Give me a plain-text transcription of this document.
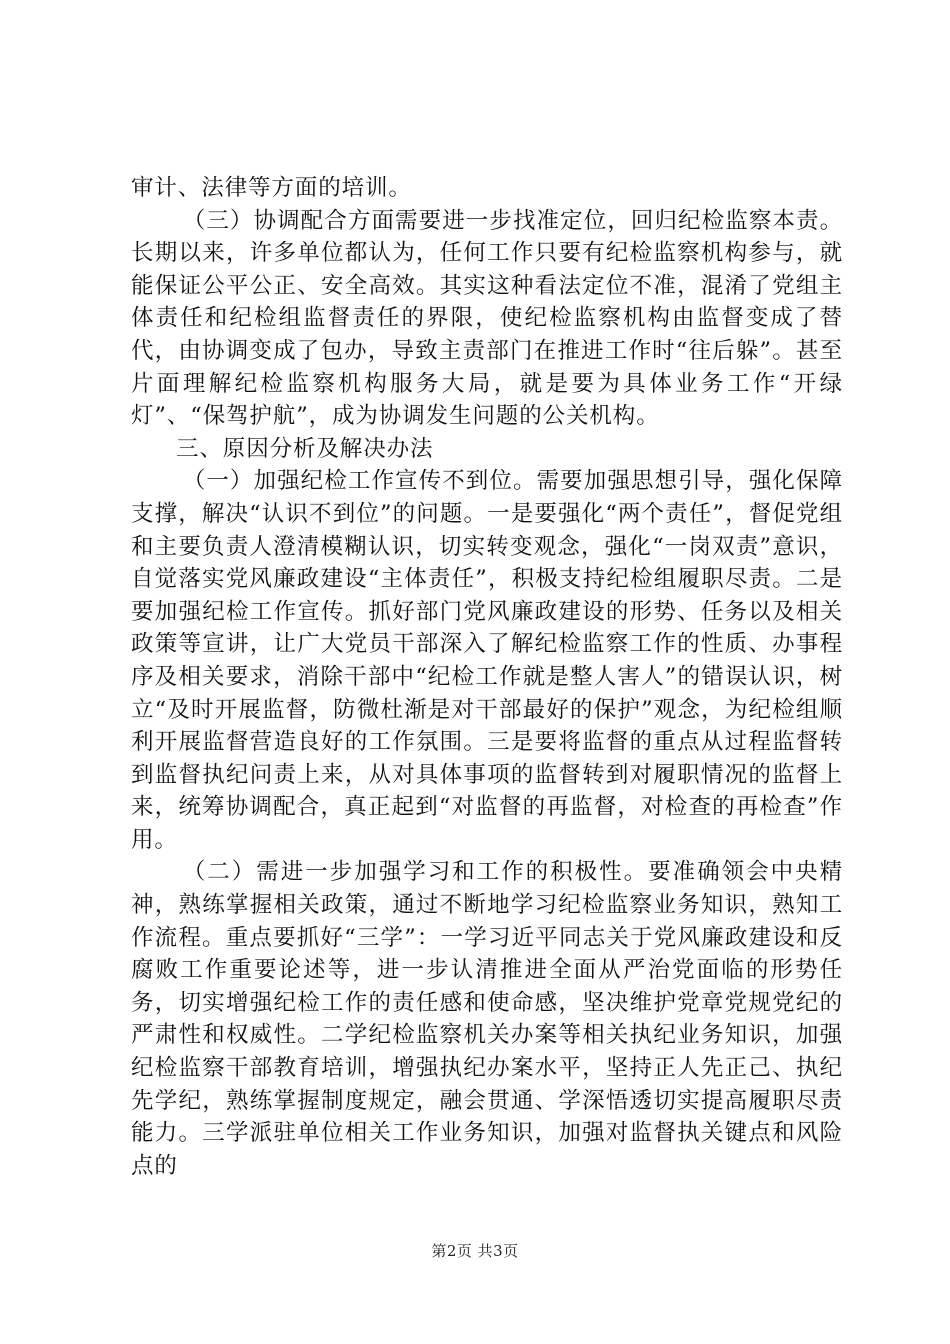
审计、法律等方面的培训。

（三）协调配合方面需要进一步找准定位，回归纪检监察本责。长期以来，许多单位都认为，任何工作只要有纪检监察机构参与，就能保证公平公正、安全高效。其实这种看法定位不准，混淆了党组主体责任和纪检组监督责任的界限，使纪检监察机构由监督变成了替代，由协调变成了包办，导致主责部门在推进工作时“往后躲”。甚至片面理解纪检监察机构服务大局，就是要为具体业务工作“开绿灯”、“保驾护航”，成为协调发生问题的公关机构。

三、原因分析及解决办法

（一）加强纪检工作宣传不到位。需要加强思想引导，强化保障支撑，解决“认识不到位”的问题。一是要强化“两个责任”，督促党组和主要负责人澄清模糊认识，切实转变观念，强化“一岗双责”意识，自觉落实党风廉政建设“主体责任”，积极支持纪检组履职尽责。二是要加强纪检工作宣传。抓好部门党风廉政建设的形势、任务以及相关政策等宣讲，让广大党员干部深入了解纪检监察工作的性质、办事程序及相关要求，消除干部中“纪检工作就是整人害人”的错误认识，树立“及时开展监督，防微杜渐是对干部最好的保护”观念，为纪检组顺利开展监督营造良好的工作氛围。三是要将监督的重点从过程监督转到监督执纪问责上来，从对具体事项的监督转到对履职情况的监督上来，统筹协调配合，真正起到“对监督的再监督，对检查的再检查”作用。

（二）需进一步加强学习和工作的积极性。要准确领会中央精神，熟练掌握相关政策，通过不断地学习纪检监察业务知识，熟知工作流程。重点要抓好“三学”：一学习近平同志关于党风廉政建设和反腐败工作重要论述等，进一步认清推进全面从严治党面临的形势任务，切实增强纪检工作的责任感和使命感，坚决维护党章党规党纪的严肃性和权威性。二学纪检监察机关办案等相关执纪业务知识，加强纪检监察干部教育培训，增强执纪办案水平，坚持正人先正己、执纪先学纪，熟练掌握制度规定，融会贯通、学深悟透切实提高履职尽责能力。三学派驻单位相关工作业务知识，加强对监督执关键点和风险点的

第2页 共3页
